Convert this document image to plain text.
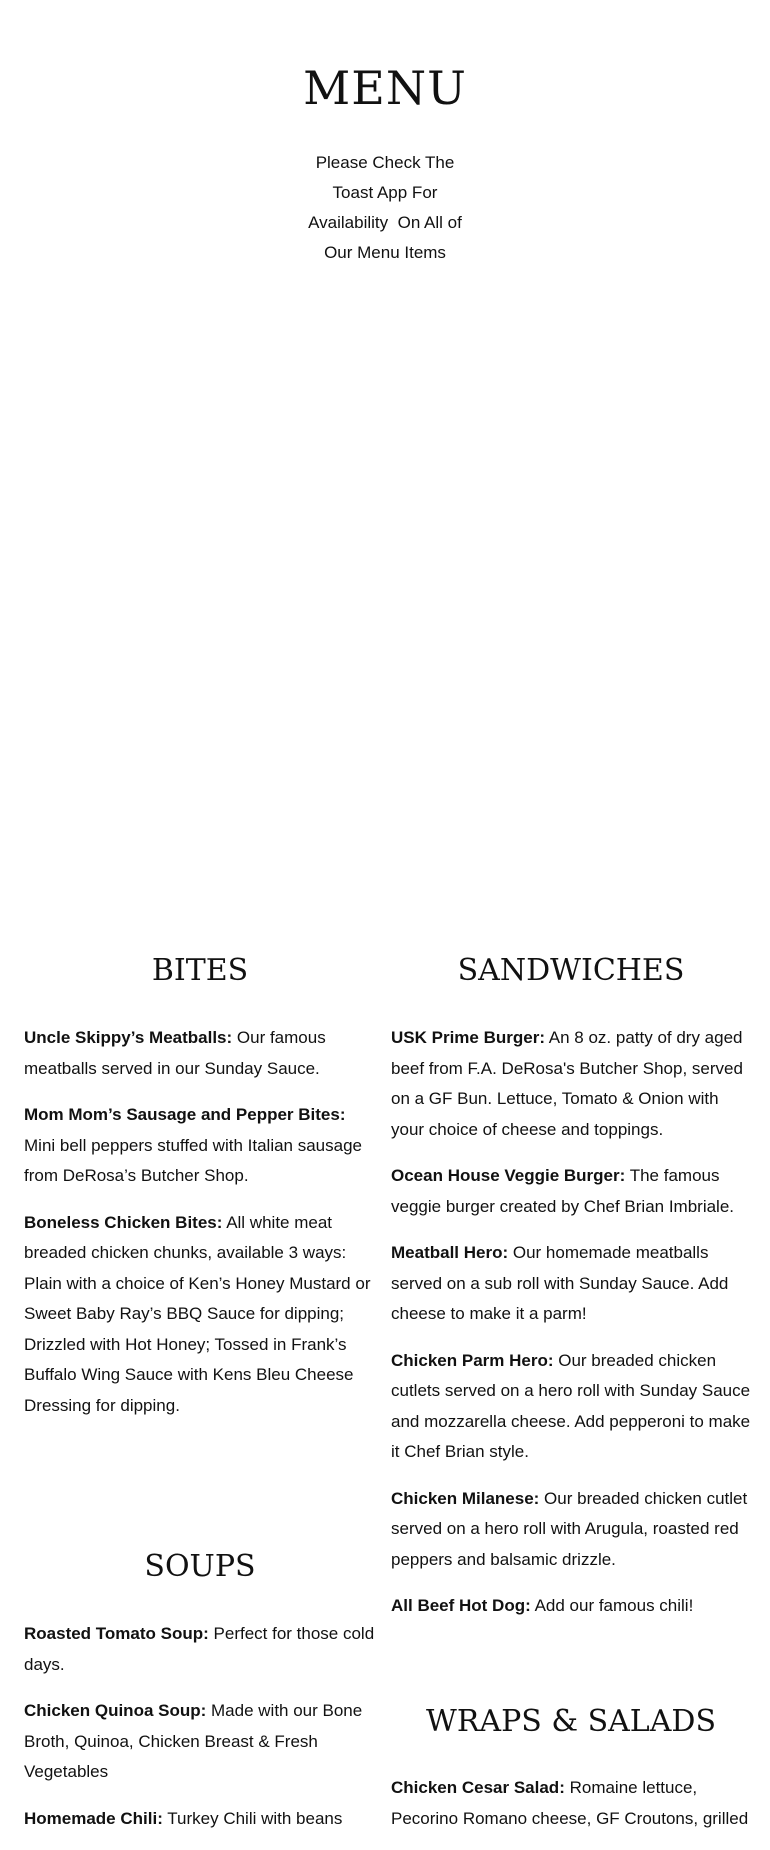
MENU
Please Check The
Toast App For
Availability  On All of
Our Menu Items
BITES
Uncle Skippy’s Meatballs: Our famous meatballs served in our Sunday Sauce.
Mom Mom’s Sausage and Pepper Bites: Mini bell peppers stuffed with Italian sausage from DeRosa’s Butcher Shop.
Boneless Chicken Bites: All white meat breaded chicken chunks, available 3 ways: Plain with a choice of Ken’s Honey Mustard or Sweet Baby Ray’s BBQ Sauce for dipping; Drizzled with Hot Honey; Tossed in Frank’s Buffalo Wing Sauce with Kens Bleu Cheese Dressing for dipping.
SOUPS
Roasted Tomato Soup: Perfect for those cold days.
Chicken Quinoa Soup: Made with our Bone Broth, Quinoa, Chicken Breast & Fresh Vegetables
Homemade Chili: Turkey Chili with beans
SANDWICHES
USK Prime Burger: An 8 oz. patty of dry aged beef from F.A. DeRosa's Butcher Shop, served on a GF Bun. Lettuce, Tomato & Onion with your choice of cheese and toppings.
Ocean House Veggie Burger: The famous veggie burger created by Chef Brian Imbriale.
Meatball Hero: Our homemade meatballs served on a sub roll with Sunday Sauce. Add cheese to make it a parm!
Chicken Parm Hero: Our breaded chicken cutlets served on a hero roll with Sunday Sauce and mozzarella cheese. Add pepperoni to make it Chef Brian style.
Chicken Milanese: Our breaded chicken cutlet served on a hero roll with Arugula, roasted red peppers and balsamic drizzle.
All Beef Hot Dog: Add our famous chili!
WRAPS & SALADS
Chicken Cesar Salad: Romaine lettuce, Pecorino Romano cheese, GF Croutons, grilled
